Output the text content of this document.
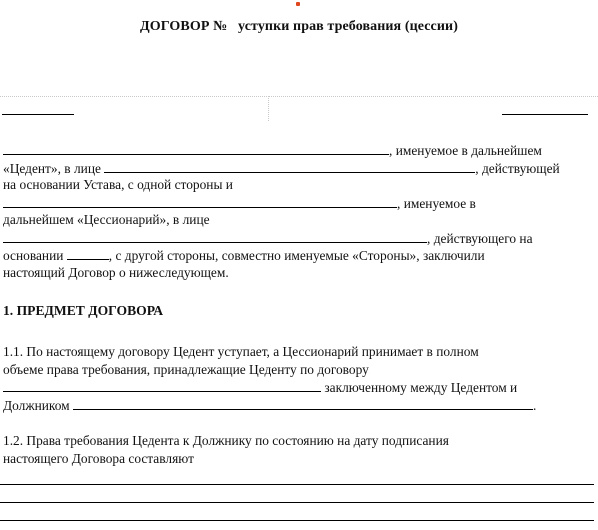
ДОГОВОР №   уступки прав требования (цессии)
, именуемое в дальнейшем
«Цедент», в лице	, действующей
на основании Устава, с одной стороны и
, именуемое в
дальнейшем «Цессионарий», в лице
, действующего на
основании	, с другой стороны, совместно именуемые «Стороны», заключили
настоящий Договор о нижеследующем.
1. ПРЕДМЕТ ДОГОВОРА
1.1. По настоящему договору Цедент уступает, а Цессионарий принимает в полном
объеме права требования, принадлежащие Цеденту по договору
заключенному между Цедентом и
Должником	.
1.2. Права требования Цедента к Должнику по состоянию на дату подписания
настоящего Договора составляют
